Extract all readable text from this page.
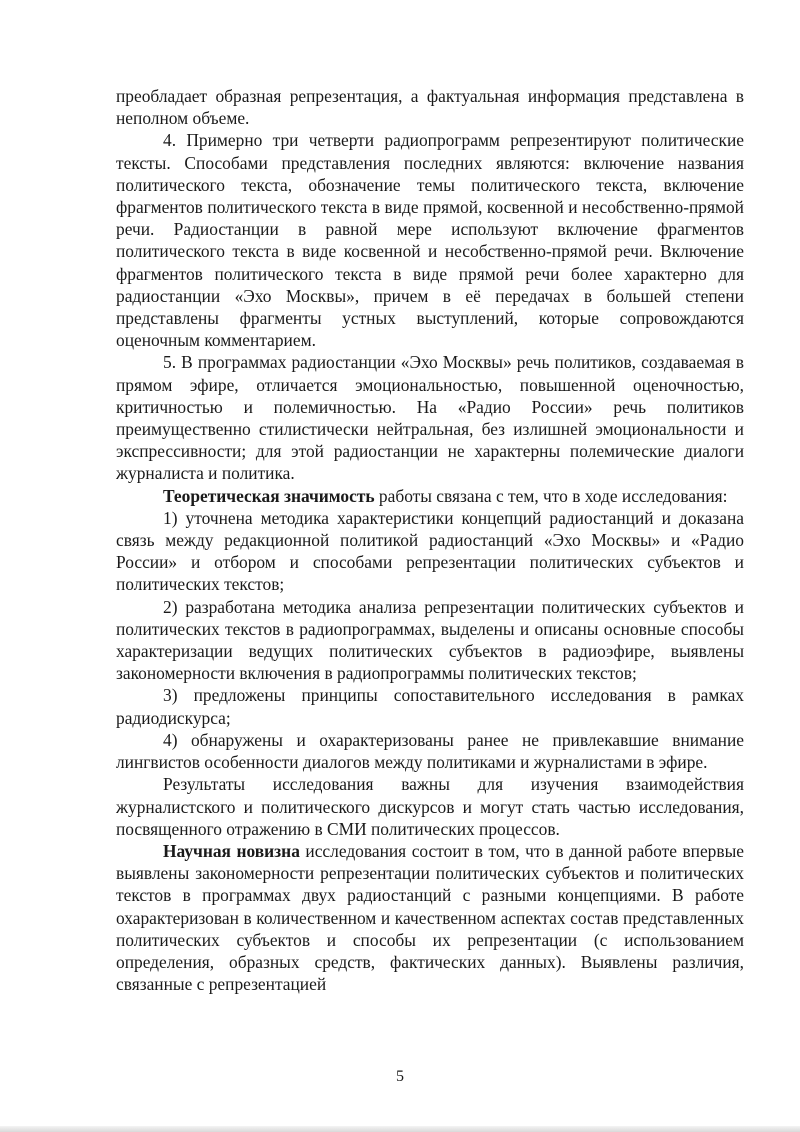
преобладает образная репрезентация, а фактуальная информация представлена в неполном объеме.

4. Примерно три четверти радиопрограмм репрезентируют политические тексты. Способами представления последних являются: включение названия политического текста, обозначение темы политического текста, включение фрагментов политического текста в виде прямой, косвенной и несобственно-прямой речи. Радиостанции в равной мере используют включение фрагментов политического текста в виде косвенной и несобственно-прямой речи. Включение фрагментов политического текста в виде прямой речи более характерно для радиостанции «Эхо Москвы», причем в её передачах в большей степени представлены фрагменты устных выступлений, которые сопровождаются оценочным комментарием.

5. В программах радиостанции «Эхо Москвы» речь политиков, создаваемая в прямом эфире, отличается эмоциональностью, повышенной оценочностью, критичностью и полемичностью. На «Радио России» речь политиков преимущественно стилистически нейтральная, без излишней эмоциональности и экспрессивности; для этой радиостанции не характерны полемические диалоги журналиста и политика.

Теоретическая значимость работы связана с тем, что в ходе исследования:

1) уточнена методика характеристики концепций радиостанций и доказана связь между редакционной политикой радиостанций «Эхо Москвы» и «Радио России» и отбором и способами репрезентации политических субъектов и политических текстов;

2) разработана методика анализа репрезентации политических субъектов и политических текстов в радиопрограммах, выделены и описаны основные способы характеризации ведущих политических субъектов в радиоэфире, выявлены закономерности включения в радиопрограммы политических текстов;

3) предложены принципы сопоставительного исследования в рамках радиодискурса;

4) обнаружены и охарактеризованы ранее не привлекавшие внимание лингвистов особенности диалогов между политиками и журналистами в эфире.

Результаты исследования важны для изучения взаимодействия журналистского и политического дискурсов и могут стать частью исследования, посвященного отражению в СМИ политических процессов.

Научная новизна исследования состоит в том, что в данной работе впервые выявлены закономерности репрезентации политических субъектов и политических текстов в программах двух радиостанций с разными концепциями. В работе охарактеризован в количественном и качественном аспектах состав представленных политических субъектов и способы их репрезентации (с использованием определения, образных средств, фактических данных). Выявлены различия, связанные с репрезентацией

5
